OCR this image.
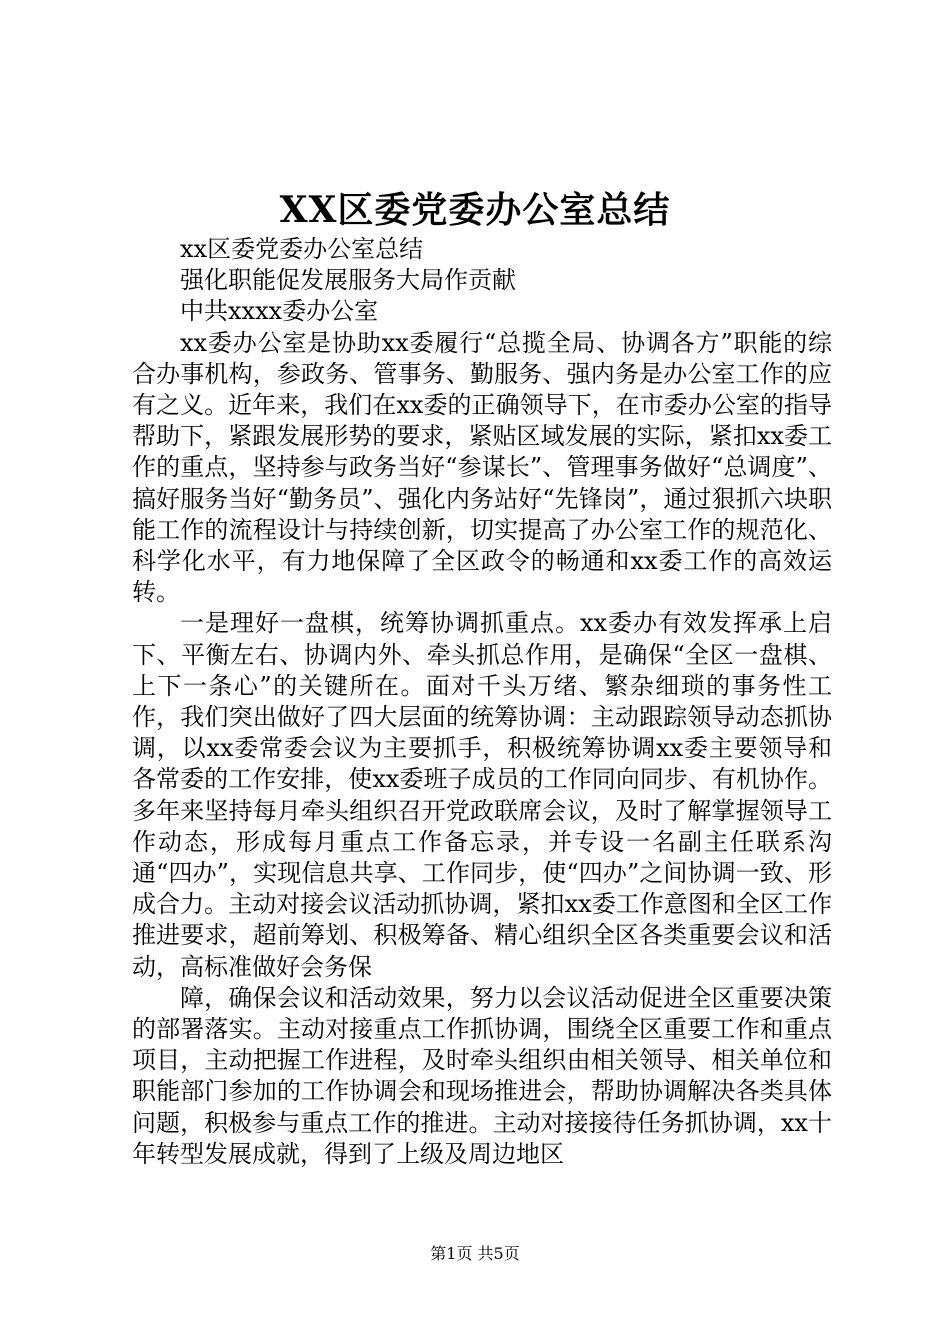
XX区委党委办公室总结

xx区委党委办公室总结

强化职能促发展服务大局作贡献

中共xxxx委办公室

xx委办公室是协助xx委履行“总揽全局、协调各方”职能的综合办事机构，参政务、管事务、勤服务、强内务是办公室工作的应有之义。近年来，我们在xx委的正确领导下，在市委办公室的指导帮助下，紧跟发展形势的要求，紧贴区域发展的实际，紧扣xx委工作的重点，坚持参与政务当好“参谋长”、管理事务做好“总调度”、搞好服务当好“勤务员”、强化内务站好“先锋岗”，通过狠抓六块职能工作的流程设计与持续创新，切实提高了办公室工作的规范化、科学化水平，有力地保障了全区政令的畅通和xx委工作的高效运转。

一是理好一盘棋，统筹协调抓重点。xx委办有效发挥承上启下、平衡左右、协调内外、牵头抓总作用，是确保“全区一盘棋、上下一条心”的关键所在。面对千头万绪、繁杂细琐的事务性工作，我们突出做好了四大层面的统筹协调：主动跟踪领导动态抓协调，以xx委常委会议为主要抓手，积极统筹协调xx委主要领导和各常委的工作安排，使xx委班子成员的工作同向同步、有机协作。多年来坚持每月牵头组织召开党政联席会议，及时了解掌握领导工作动态，形成每月重点工作备忘录，并专设一名副主任联系沟通“四办”，实现信息共享、工作同步，使“四办”之间协调一致、形成合力。主动对接会议活动抓协调，紧扣xx委工作意图和全区工作推进要求，超前筹划、积极筹备、精心组织全区各类重要会议和活动，高标准做好会务保

障，确保会议和活动效果，努力以会议活动促进全区重要决策的部署落实。主动对接重点工作抓协调，围绕全区重要工作和重点项目，主动把握工作进程，及时牵头组织由相关领导、相关单位和职能部门参加的工作协调会和现场推进会，帮助协调解决各类具体问题，积极参与重点工作的推进。主动对接接待任务抓协调，xx十年转型发展成就，得到了上级及周边地区

第1页 共5页
